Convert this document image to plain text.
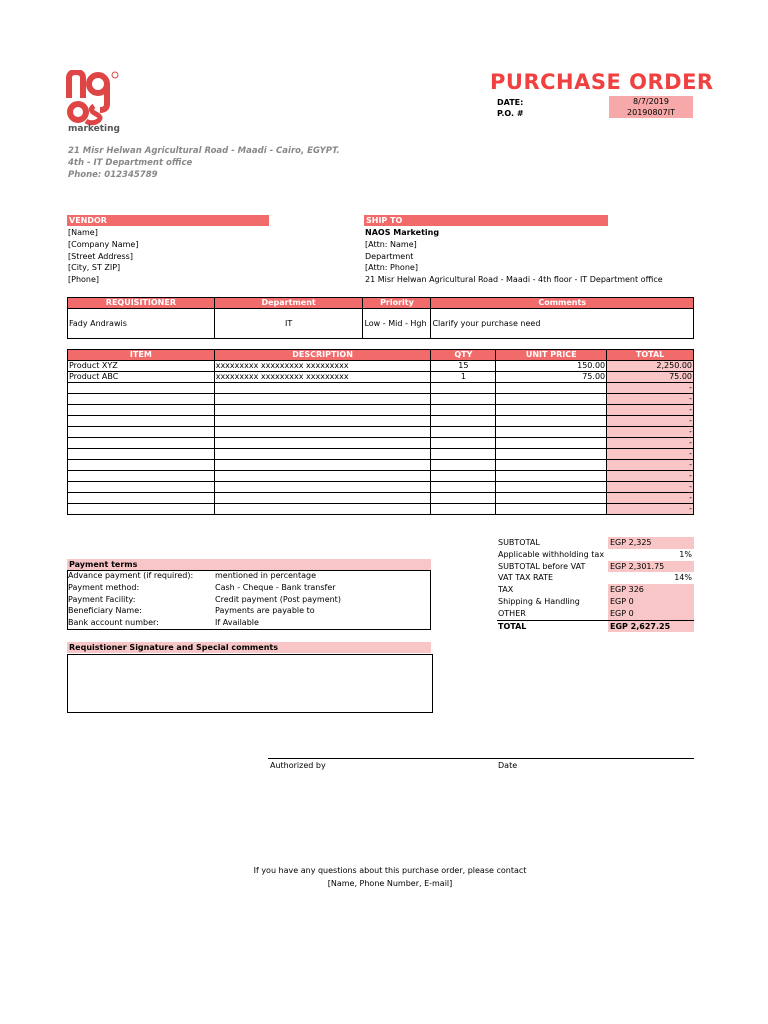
marketing
PURCHASE ORDER
DATE:	8/7/2019
P.O. #	20190807IT
21 Misr Helwan Agricultural Road - Maadi - Cairo, EGYPT.
4th - IT Department office
Phone: 012345789
VENDOR
[Name]
[Company Name]
[Street Address]
[City, ST ZIP]
[Phone]
SHIP TO
NAOS Marketing
[Attn: Name]
Department
[Attn: Phone]
21 Misr Helwan Agricultural Road - Maadi - 4th floor - IT Department office
REQUISITIONER	Department	Priority	Comments
Fady Andrawis	IT	Low - Mid - Hgh	Clarify your purchase need
ITEM	DESCRIPTION	QTY	UNIT PRICE	TOTAL
Product XYZ	xxxxxxxxx xxxxxxxxx xxxxxxxxx	15	150.00	2,250.00
Product ABC	xxxxxxxxx xxxxxxxxx xxxxxxxxx	1	75.00	75.00
				-
				-
				-
				-
				-
				-
				-
				-
				-
				-
				-
				-
Payment terms
Advance payment (if required):	mentioned in percentage
Payment method:	Cash - Cheque - Bank transfer
Payment Facility:	Credit payment (Post payment)
Beneficiary Name:	Payments are payable to
Bank account number:	If Available
SUBTOTAL	EGP 2,325
Applicable withholding tax	1%
SUBTOTAL before VAT	EGP 2,301.75
VAT TAX RATE	14%
TAX	EGP 326
Shipping & Handling	EGP 0
OTHER	EGP 0
TOTAL	EGP 2,627.25
Requistioner Signature and Special comments
Authorized by	Date
If you have any questions about this purchase order, please contact
[Name, Phone Number, E-mail]
